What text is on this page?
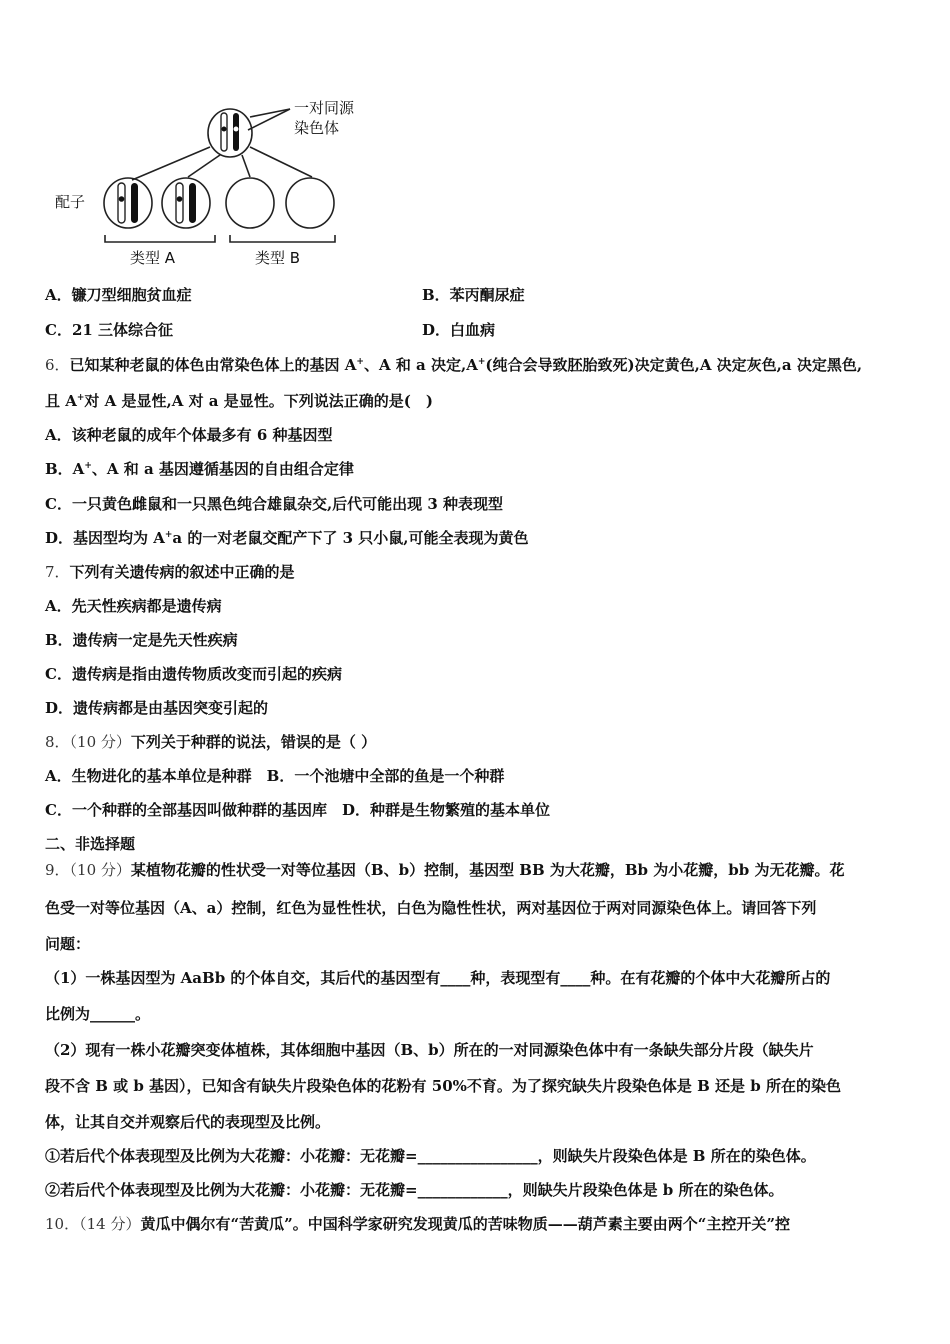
一对同源
染色体
配子
类型 A	类型 B
A．镰刀型细胞贫血症	B．苯丙酮尿症
C．21 三体综合征	D．白血病
6．已知某种老鼠的体色由常染色体上的基因 A+、A 和 a 决定,A+(纯合会导致胚胎致死)决定黄色,A 决定灰色,a 决定黑色,
且 A+对 A 是显性,A 对 a 是显性。下列说法正确的是(　)
A．该种老鼠的成年个体最多有 6 种基因型
B．A+、A 和 a 基因遵循基因的自由组合定律
C．一只黄色雌鼠和一只黑色纯合雄鼠杂交,后代可能出现 3 种表现型
D．基因型均为 A+a 的一对老鼠交配产下了 3 只小鼠,可能全表现为黄色
7．下列有关遗传病的叙述中正确的是
A．先天性疾病都是遗传病
B．遗传病一定是先天性疾病
C．遗传病是指由遗传物质改变而引起的疾病
D．遗传病都是由基因突变引起的
8．（10 分）下列关于种群的说法，错误的是（ ）
A．生物进化的基本单位是种群　B．一个池塘中全部的鱼是一个种群
C．一个种群的全部基因叫做种群的基因库　D．种群是生物繁殖的基本单位
二、非选择题
9．（10 分）某植物花瓣的性状受一对等位基因（B、b）控制，基因型 BB 为大花瓣，Bb 为小花瓣，bb 为无花瓣。花
色受一对等位基因（A、a）控制，红色为显性性状，白色为隐性性状，两对基因位于两对同源染色体上。请回答下列
问题：
（1）一株基因型为 AaBb 的个体自交，其后代的基因型有____种，表现型有____种。在有花瓣的个体中大花瓣所占的
比例为______。
（2）现有一株小花瓣突变体植株，其体细胞中基因（B、b）所在的一对同源染色体中有一条缺失部分片段（缺失片
段不含 B 或 b 基因），已知含有缺失片段染色体的花粉有 50%不育。为了探究缺失片段染色体是 B 还是 b 所在的染色
体，让其自交并观察后代的表现型及比例。
①若后代个体表现型及比例为大花瓣：小花瓣：无花瓣=________________，则缺失片段染色体是 B 所在的染色体。
②若后代个体表现型及比例为大花瓣：小花瓣：无花瓣=____________，则缺失片段染色体是 b 所在的染色体。
10．（14 分）黄瓜中偶尔有“苦黄瓜”。中国科学家研究发现黄瓜的苦味物质——葫芦素主要由两个“主控开关”控
